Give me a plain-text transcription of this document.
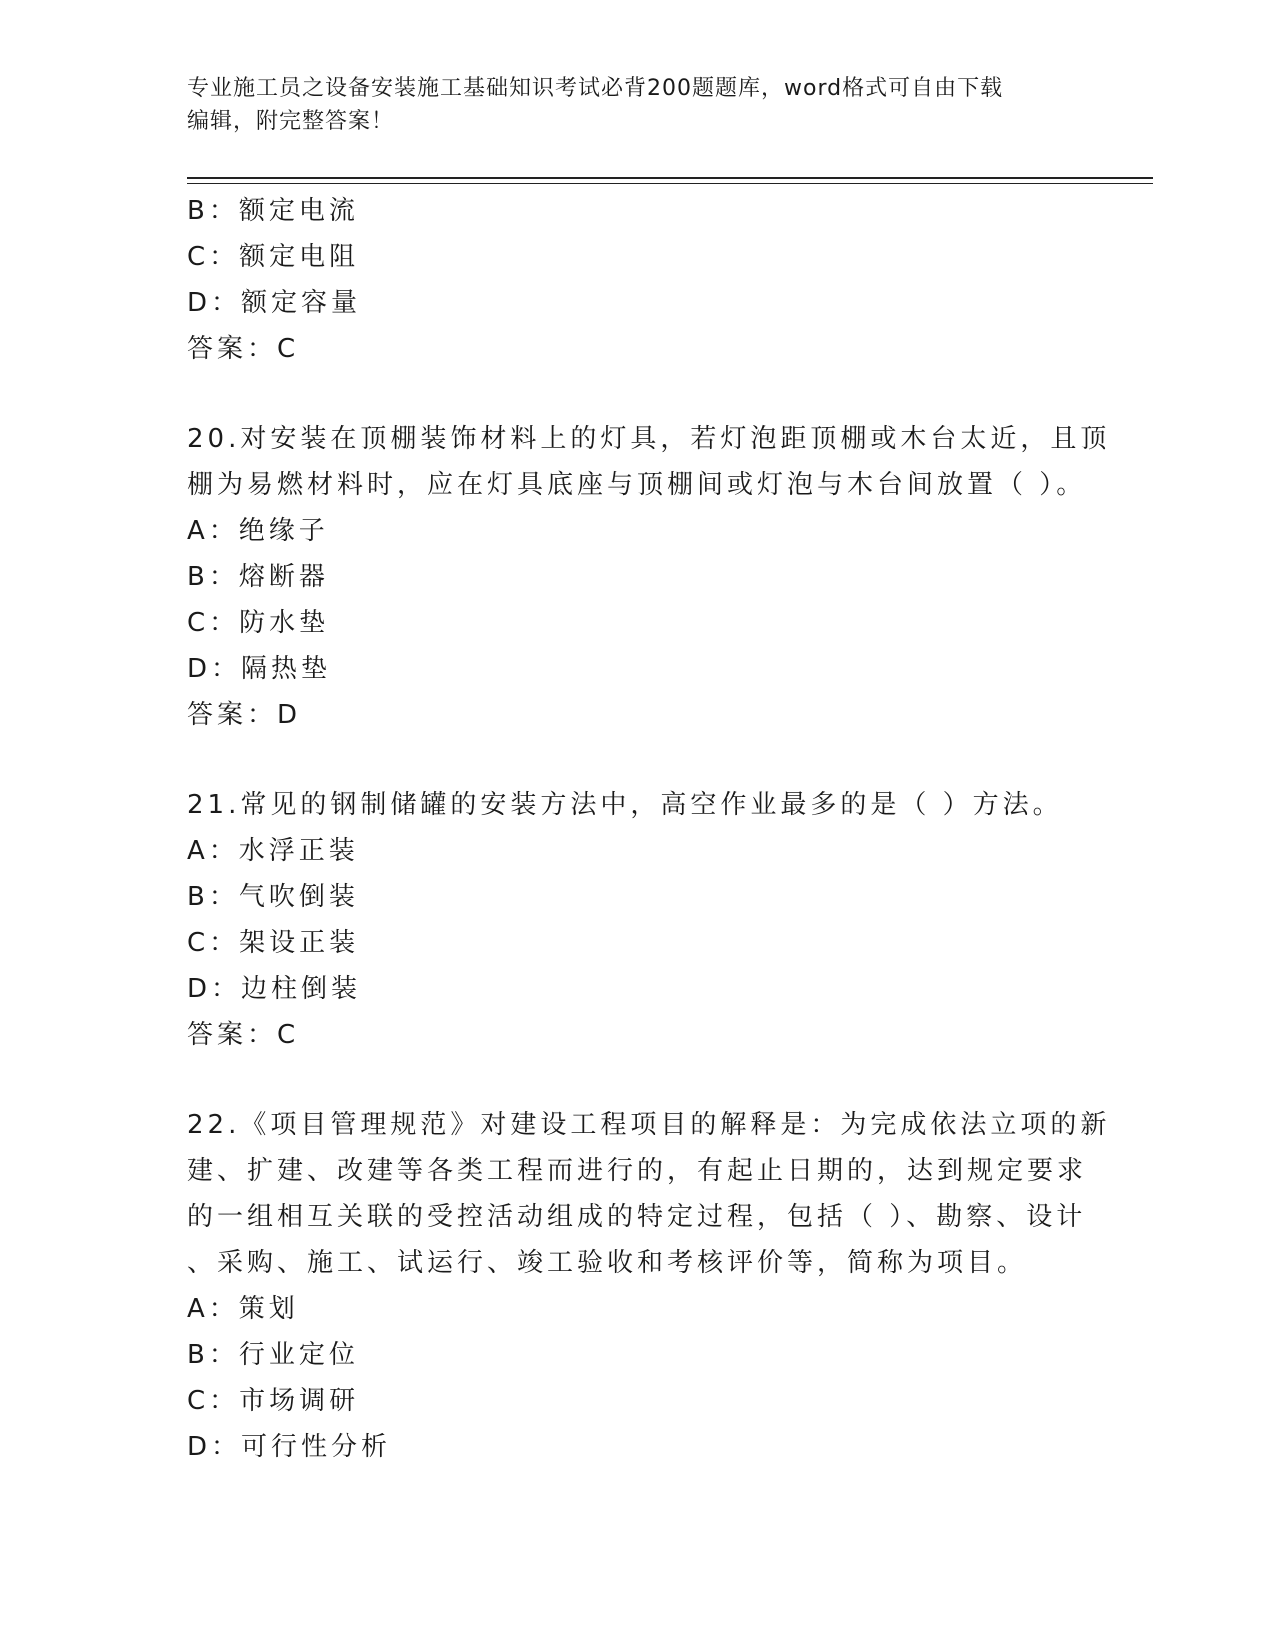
专业施工员之设备安装施工基础知识考试必背200题题库，word格式可自由下载
编辑，附完整答案！
B：额定电流
C：额定电阻
D：额定容量
答案：C
20.对安装在顶棚装饰材料上的灯具，若灯泡距顶棚或木台太近，且顶
棚为易燃材料时，应在灯具底座与顶棚间或灯泡与木台间放置（ ）。
A：绝缘子
B：熔断器
C：防水垫
D：隔热垫
答案：D
21.常见的钢制储罐的安装方法中，高空作业最多的是（ ）方法。
A：水浮正装
B：气吹倒装
C：架设正装
D：边柱倒装
答案：C
22.《项目管理规范》对建设工程项目的解释是：为完成依法立项的新
建、扩建、改建等各类工程而进行的，有起止日期的，达到规定要求
的一组相互关联的受控活动组成的特定过程，包括（ ）、勘察、设计
、采购、施工、试运行、竣工验收和考核评价等，简称为项目。
A：策划
B：行业定位
C：市场调研
D：可行性分析
